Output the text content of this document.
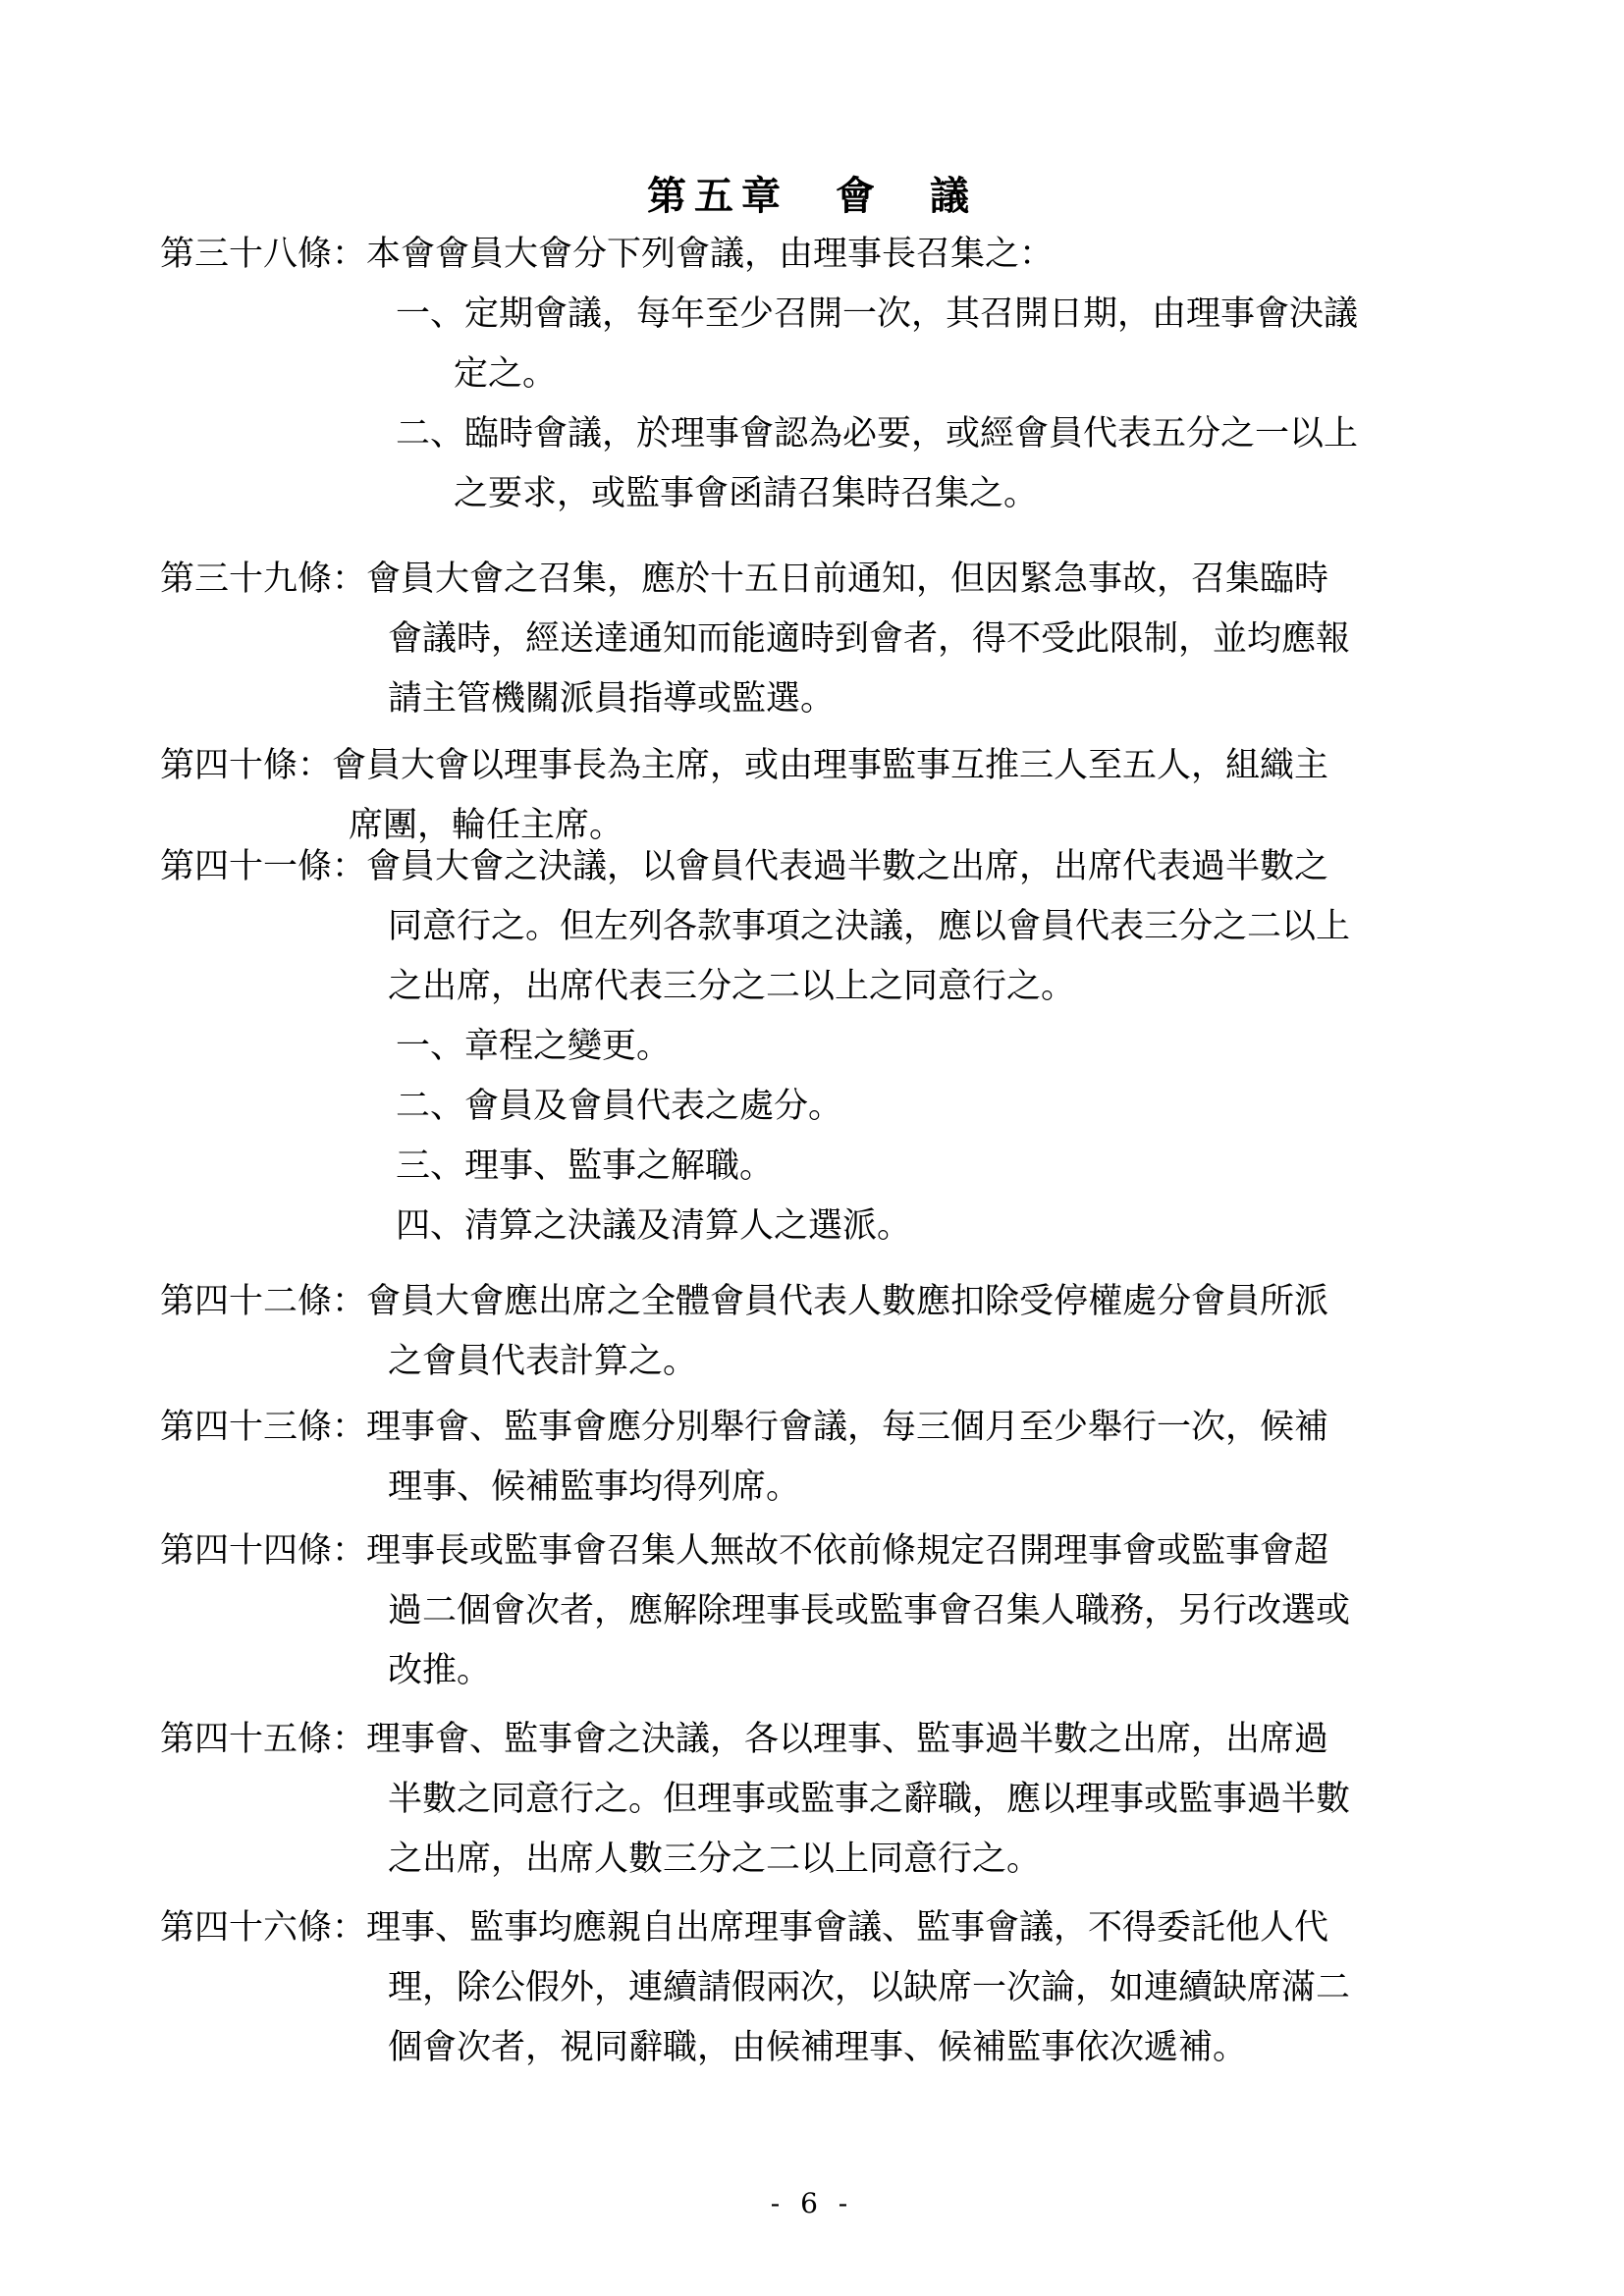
第五章　會　議
第三十八條： 本會會員大會分下列會議，由理事長召集之：
一、定期會議，每年至少召開一次，其召開日期，由理事會決議
定之。
二、臨時會議，於理事會認為必要，或經會員代表五分之一以上
之要求，或監事會函請召集時召集之。
第三十九條： 會員大會之召集，應於十五日前通知，但因緊急事故，召集臨時
會議時，經送達通知而能適時到會者，得不受此限制，並均應報
請主管機關派員指導或監選。
第四十條： 會員大會以理事長為主席，或由理事監事互推三人至五人，組織主
席團，輪任主席。
第四十一條： 會員大會之決議，以會員代表過半數之出席，出席代表過半數之
同意行之。但左列各款事項之決議，應以會員代表三分之二以上
之出席，出席代表三分之二以上之同意行之。
一、章程之變更。
二、會員及會員代表之處分。
三、理事、監事之解職。
四、清算之決議及清算人之選派。
第四十二條： 會員大會應出席之全體會員代表人數應扣除受停權處分會員所派
之會員代表計算之。
第四十三條： 理事會、監事會應分別舉行會議，每三個月至少舉行一次，候補
理事、候補監事均得列席。
第四十四條： 理事長或監事會召集人無故不依前條規定召開理事會或監事會超
過二個會次者，應解除理事長或監事會召集人職務，另行改選或
改推。
第四十五條： 理事會、監事會之決議，各以理事、監事過半數之出席，出席過
半數之同意行之。但理事或監事之辭職，應以理事或監事過半數
之出席，出席人數三分之二以上同意行之。
第四十六條： 理事、監事均應親自出席理事會議、監事會議，不得委託他人代
理，除公假外，連續請假兩次，以缺席一次論，如連續缺席滿二
個會次者，視同辭職，由候補理事、候補監事依次遞補。
- 6 -
